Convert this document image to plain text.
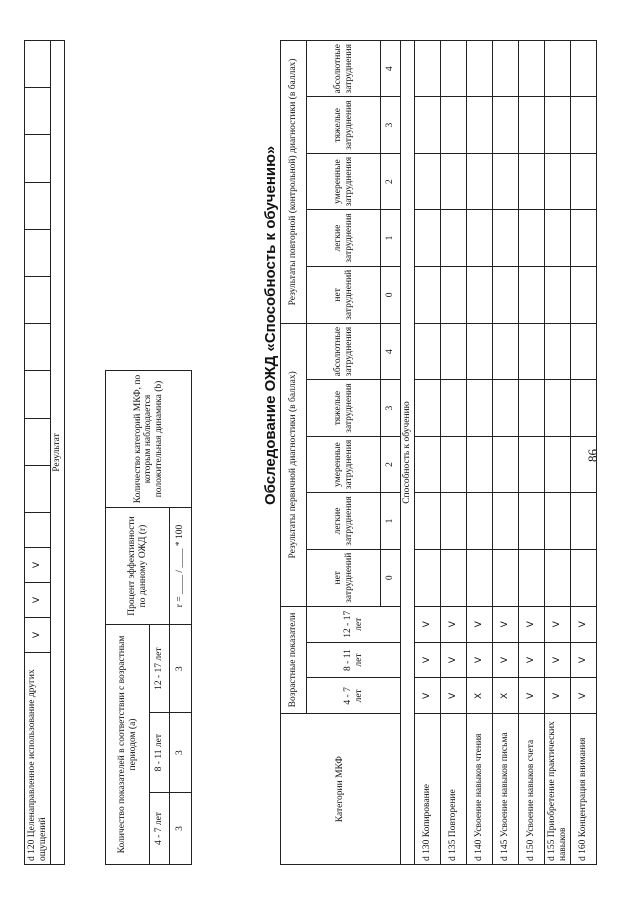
86
d 120 Целенаправленное использование других ощущений	V	V	V											
Результат
Количество показателей в соответствии с возрастным периодом (а)			Процент эффективности по данному ОЖД (r)	Количество категорий МКФ, по которым наблюдается положительная динамика (b)
4 - 7 лет	8 - 11 лет	12 - 17 лет		
3	3	3	r = ____ / ____ * 100	
Обследование ОЖД «Способность к обучению»
Категории МКФ	Возрастные показатели			Результаты первичной диагностики (в баллах)					Результаты повторной (контрольной) диагностики (в баллах)				
	4 - 7 лет	8 - 11 лет	12 - 17 лет	нет затруднений	легкие затруднения	умеренные затруднения	тяжелые затруднения	абсолютные затруднения	нет затруднений	легкие затруднения	умеренные затруднения	тяжелые затруднения	абсолютные затруднения
				0	1	2	3	4	0	1	2	3	4
Способность к обучению													
d 130 Копирование	V	V	V										
d 135 Повторение	V	V	V										
d 140 Усвоение навыков чтения	X	V	V										
d 145 Усвоение навыков письма	X	V	V										
d 150 Усвоение навыков счета	V	V	V										
d 155 Приобретение практических навыков	V	V	V										
d 160 Концентрация внимания	V	V	V										
